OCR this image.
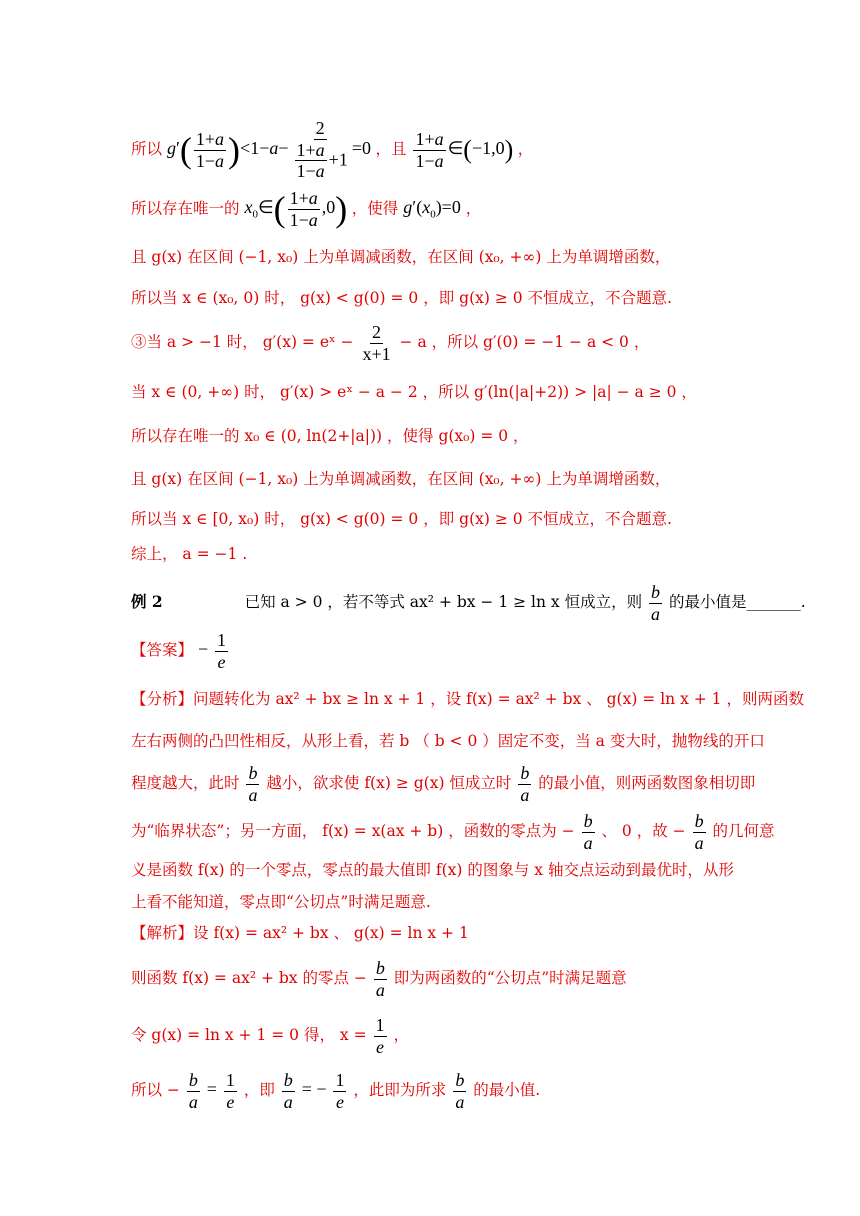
所以 $g'( \frac{1+a}{1-a} )<1-a- \frac{2}{\frac{1+a}{1-a} +1} =0$ ，且 $\frac{1+a}{1-a}$ ∈(−1,0) ，
所以存在唯一的 $x_0\in( \frac{1+a}{1-a} ,0)$ ，使得 $g'(x_0)=0$ ，
且 g(x) 在区间 (−1, x₀) 上为单调减函数，在区间 (x₀, +∞) 上为单调增函数，
所以当 x ∈ (x₀, 0) 时， g(x) < g(0) = 0 ，即 g(x) ≥ 0 不恒成立，不合题意.
③当 a > −1 时， g′(x) = eˣ − $\frac{2}{x+1} - a$ ，所以 g′(0) = −1 − a < 0 ，
当 x ∈ (0, +∞) 时， g′(x) > eˣ − a − 2 ，所以 g′(ln(|a|+2)) > |a| − a ≥ 0 ，
所以存在唯一的 x₀ ∈ (0, ln(2+|a|)) ，使得 g(x₀) = 0 ，
且 g(x) 在区间 (−1, x₀) 上为单调减函数，在区间 (x₀, +∞) 上为单调增函数，
所以当 x ∈ [0, x₀) 时， g(x) < g(0) = 0 ，即 g(x) ≥ 0 不恒成立，不合题意.
综上， a = −1 .
例 2	已知 a > 0 ，若不等式 ax² + bx − 1 ≥ ln x 恒成立，则 $\frac{b}{a}$ 的最小值是_______.
【答案】 − $\frac{1}{e}$
【分析】问题转化为 ax² + bx ≥ ln x + 1 ，设 f(x) = ax² + bx 、 g(x) = ln x + 1 ，则两函数
左右两侧的凸凹性相反，从形上看，若 b （ b < 0 ）固定不变，当 a 变大时，抛物线的开口
程度越大，此时 $\frac{b}{a}$ 越小，欲求使 f(x) ≥ g(x) 恒成立时 $\frac{b}{a}$ 的最小值，则两函数图象相切即
为“临界状态”；另一方面， f(x) = x(ax + b) ，函数的零点为 − $\frac{b}{a}$ 、 0 ，故 − $\frac{b}{a}$ 的几何意
义是函数 f(x) 的一个零点，零点的最大值即 f(x) 的图象与 x 轴交点运动到最优时，从形
上看不能知道，零点即“公切点”时满足题意.
【解析】设 f(x) = ax² + bx 、 g(x) = ln x + 1
则函数 f(x) = ax² + bx 的零点 − $\frac{b}{a}$ 即为两函数的“公切点”时满足题意
令 g(x) = ln x + 1 = 0 得， $x = \frac{1}{e}$ ，
所以 − $\frac{b}{a} = \frac{1}{e}$ ，即 $\frac{b}{a}$ = − $\frac{1}{e}$ ，此即为所求 $\frac{b}{a}$ 的最小值.
